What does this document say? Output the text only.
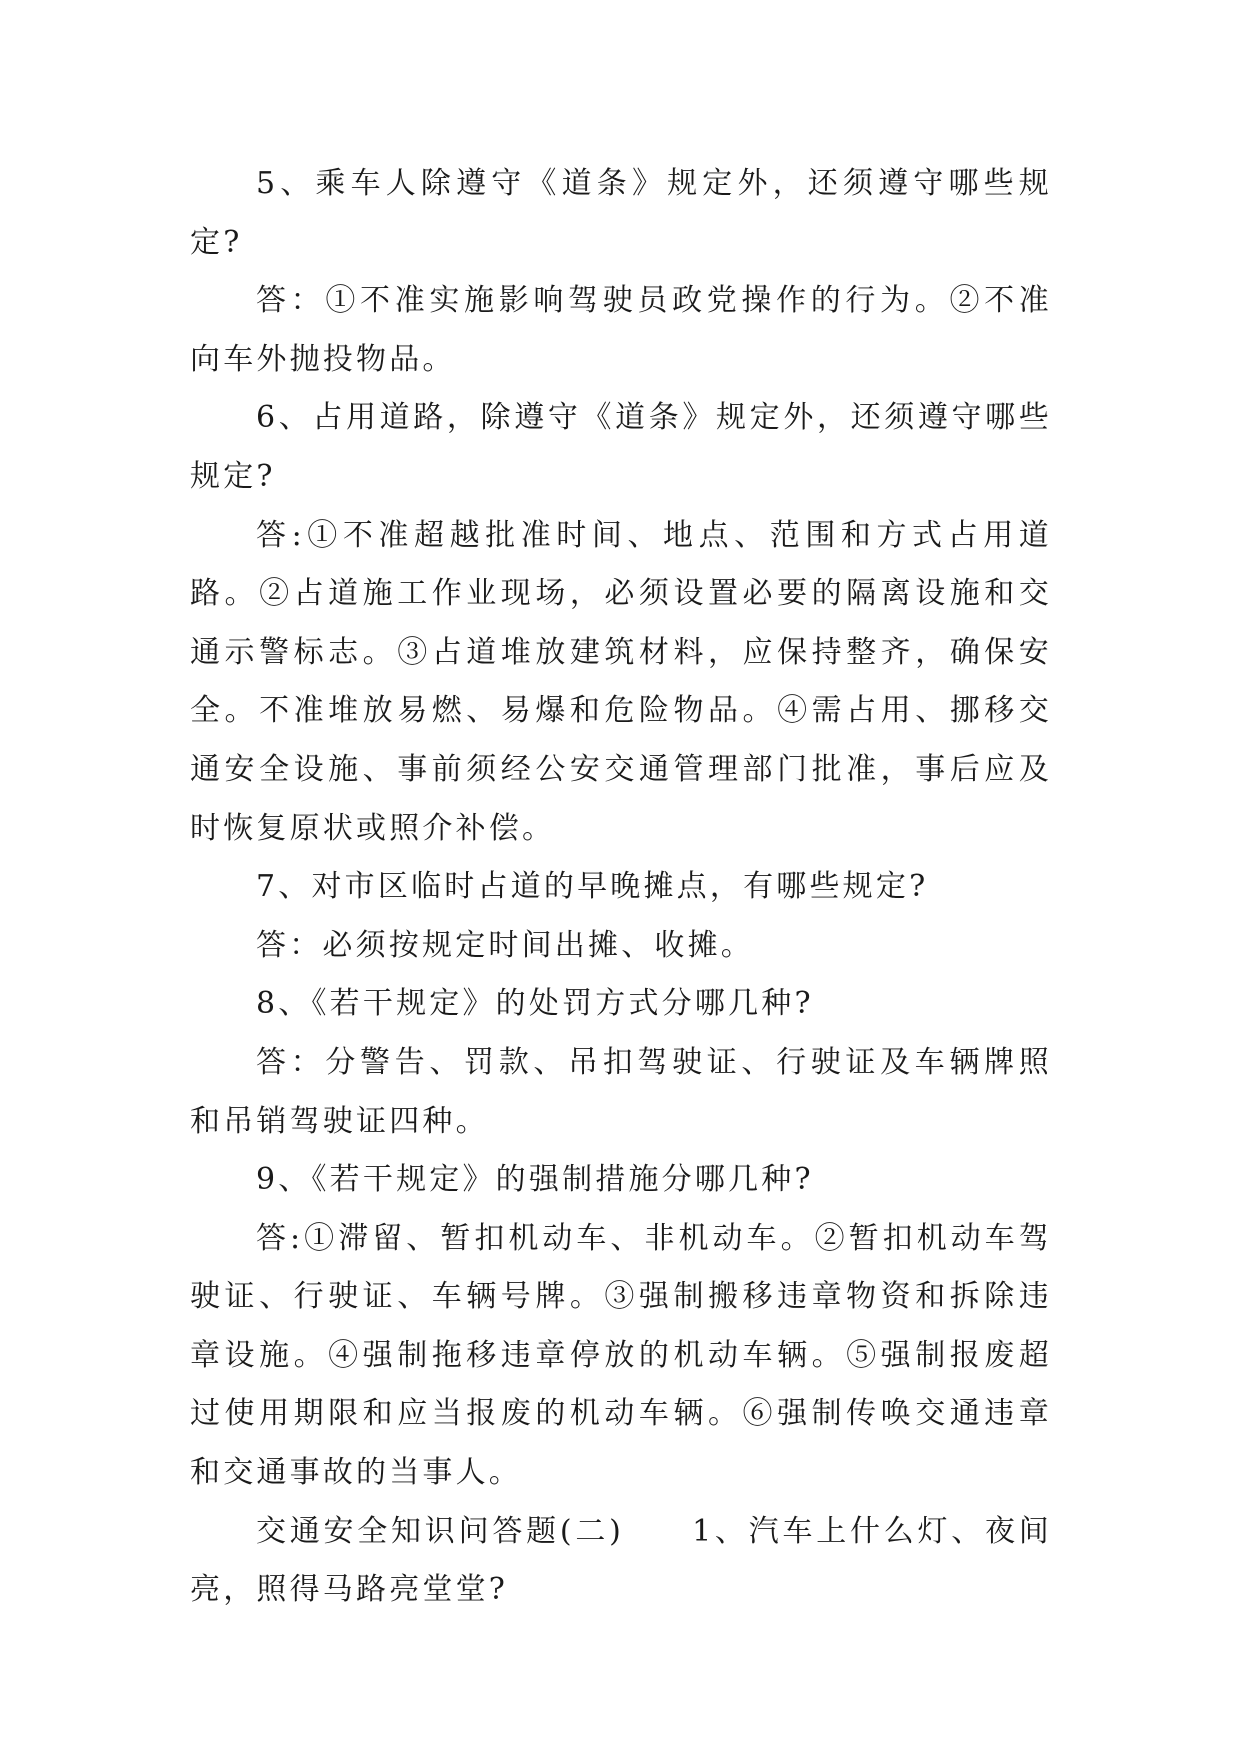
5、乘车人除遵守《道条》规定外，还须遵守哪些规定?

答：①不准实施影响驾驶员政党操作的行为。②不准向车外抛投物品。

6、占用道路，除遵守《道条》规定外，还须遵守哪些规定?

答:①不准超越批准时间、地点、范围和方式占用道路。②占道施工作业现场，必须设置必要的隔离设施和交通示警标志。③占道堆放建筑材料，应保持整齐，确保安全。不准堆放易燃、易爆和危险物品。④需占用、挪移交通安全设施、事前须经公安交通管理部门批准，事后应及时恢复原状或照介补偿。

7、对市区临时占道的早晚摊点，有哪些规定?

答：必须按规定时间出摊、收摊。

8、《若干规定》的处罚方式分哪几种?

答：分警告、罚款、吊扣驾驶证、行驶证及车辆牌照和吊销驾驶证四种。

9、《若干规定》的强制措施分哪几种?

答:①滞留、暂扣机动车、非机动车。②暂扣机动车驾驶证、行驶证、车辆号牌。③强制搬移违章物资和拆除违章设施。④强制拖移违章停放的机动车辆。⑤强制报废超过使用期限和应当报废的机动车辆。⑥强制传唤交通违章和交通事故的当事人。

交通安全知识问答题(二)　　1、汽车上什么灯、夜间亮，照得马路亮堂堂?
